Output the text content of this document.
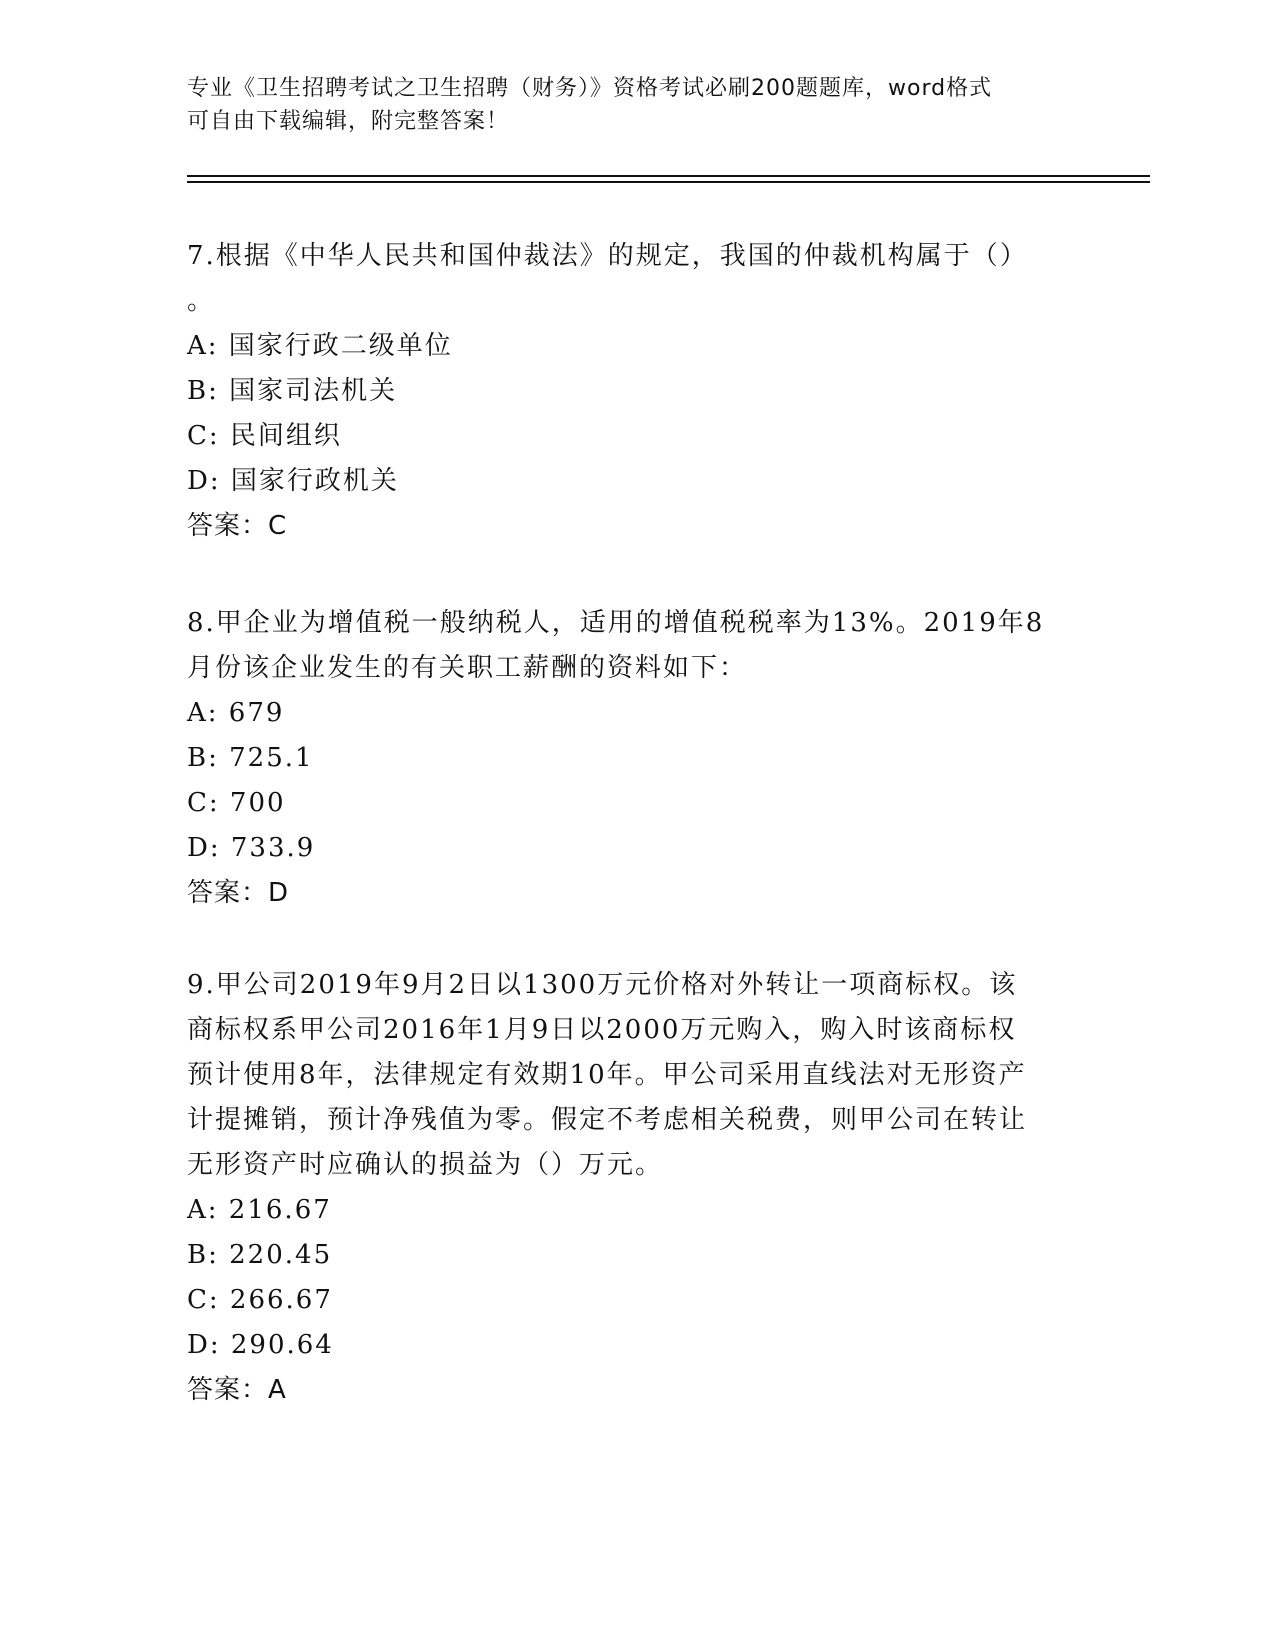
专业《卫生招聘考试之卫生招聘（财务）》资格考试必刷200题题库，word格式
可自由下载编辑，附完整答案！

7.根据《中华人民共和国仲裁法》的规定，我国的仲裁机构属于（）

。

A: 国家行政二级单位

B: 国家司法机关

C: 民间组织

D: 国家行政机关

答案：C

8.甲企业为增值税一般纳税人，适用的增值税税率为13%。2019年8

月份该企业发生的有关职工薪酬的资料如下：

A: 679

B: 725.1

C: 700

D: 733.9

答案：D

9.甲公司2019年9月2日以1300万元价格对外转让一项商标权。该

商标权系甲公司2016年1月9日以2000万元购入，购入时该商标权

预计使用8年，法律规定有效期10年。甲公司采用直线法对无形资产

计提摊销，预计净残值为零。假定不考虑相关税费，则甲公司在转让

无形资产时应确认的损益为（）万元。

A: 216.67

B: 220.45

C: 266.67

D: 290.64

答案：A
